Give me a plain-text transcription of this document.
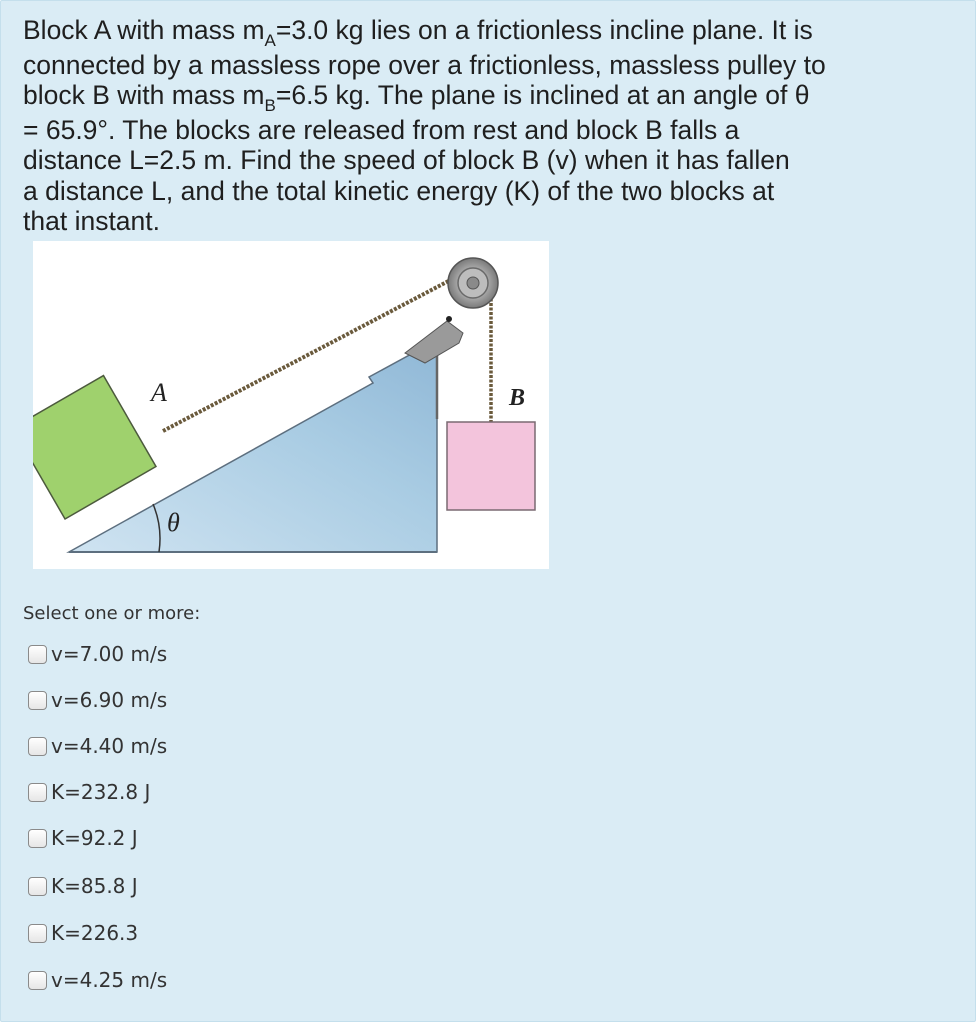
Block A with mass $m_A=3.0$ kg lies on a frictionless incline plane. It is
connected by a massless rope over a frictionless, massless pulley to
block B with mass $m_B=6.5$ kg. The plane is inclined at an angle of θ
= 65.9°. The blocks are released from rest and block B falls a
distance L=2.5 m. Find the speed of block B (v) when it has fallen
a distance L, and the total kinetic energy (K) of the two blocks at
that instant.
A	B
θ
Select one or more:
v=7.00 m/s
v=6.90 m/s
v=4.40 m/s
K=232.8 J
K=92.2 J
K=85.8 J
K=226.3
v=4.25 m/s
